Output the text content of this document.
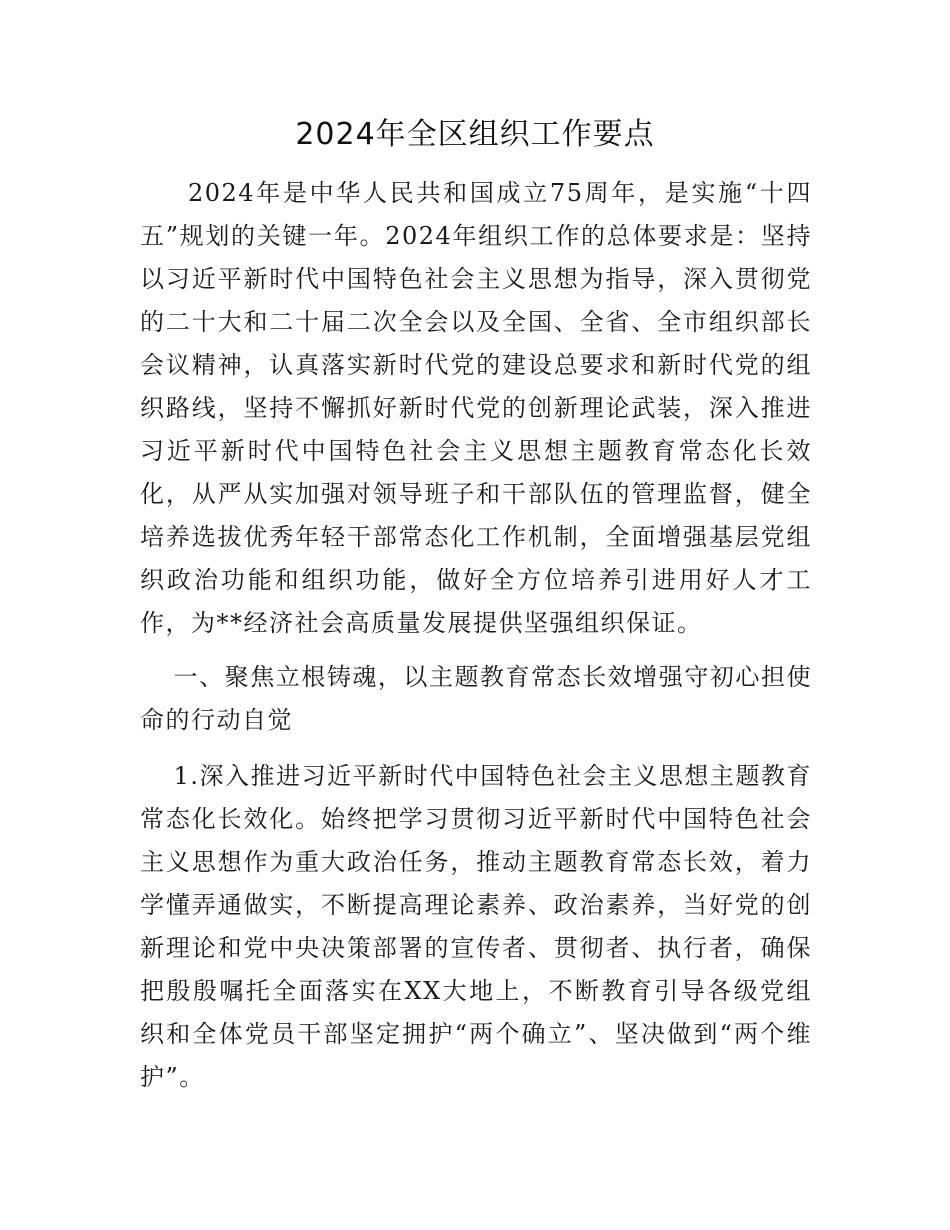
2024年全区组织工作要点

2024年是中华人民共和国成立75周年，是实施“十四五”规划的关键一年。2024年组织工作的总体要求是：坚持以习近平新时代中国特色社会主义思想为指导，深入贯彻党的二十大和二十届二次全会以及全国、全省、全市组织部长会议精神，认真落实新时代党的建设总要求和新时代党的组织路线，坚持不懈抓好新时代党的创新理论武装，深入推进习近平新时代中国特色社会主义思想主题教育常态化长效化，从严从实加强对领导班子和干部队伍的管理监督，健全培养选拔优秀年轻干部常态化工作机制，全面增强基层党组织政治功能和组织功能，做好全方位培养引进用好人才工作，为**经济社会高质量发展提供坚强组织保证。

一、聚焦立根铸魂，以主题教育常态长效增强守初心担使命的行动自觉

1.深入推进习近平新时代中国特色社会主义思想主题教育常态化长效化。始终把学习贯彻习近平新时代中国特色社会主义思想作为重大政治任务，推动主题教育常态长效，着力学懂弄通做实，不断提高理论素养、政治素养，当好党的创新理论和党中央决策部署的宣传者、贯彻者、执行者，确保把殷殷嘱托全面落实在XX大地上，不断教育引导各级党组织和全体党员干部坚定拥护“两个确立”、坚决做到“两个维护”。
